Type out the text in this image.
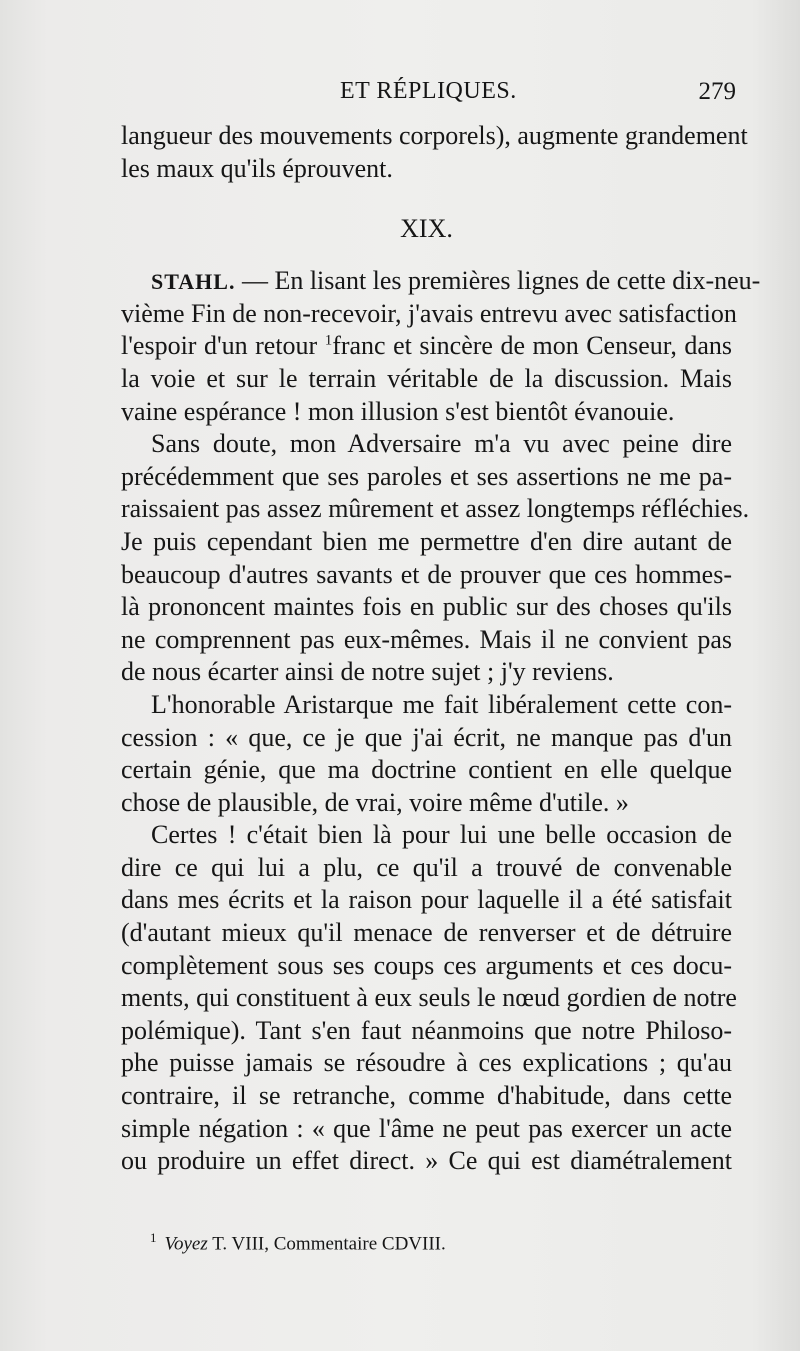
ET RÉPLIQUES.	279
langueur des mouvements corporels), augmente grandement
les maux qu'ils éprouvent.
XIX.
STAHL. — En lisant les premières lignes de cette dix-neu-
vième Fin de non-recevoir, j'avais entrevu avec satisfaction
l'espoir d'un retour $^1$franc et sincère de mon Censeur, dans
la voie et sur le terrain véritable de la discussion. Mais
vaine espérance ! mon illusion s'est bientôt évanouie.
Sans doute, mon Adversaire m'a vu avec peine dire
précédemment que ses paroles et ses assertions ne me pa-
raissaient pas assez mûrement et assez longtemps réfléchies.
Je puis cependant bien me permettre d'en dire autant de
beaucoup d'autres savants et de prouver que ces hommes-
là prononcent maintes fois en public sur des choses qu'ils
ne comprennent pas eux-mêmes. Mais il ne convient pas
de nous écarter ainsi de notre sujet ; j'y reviens.
L'honorable Aristarque me fait libéralement cette con-
cession : « que, ce je que j'ai écrit, ne manque pas d'un
certain génie, que ma doctrine contient en elle quelque
chose de plausible, de vrai, voire même d'utile. »
Certes ! c'était bien là pour lui une belle occasion de
dire ce qui lui a plu, ce qu'il a trouvé de convenable
dans mes écrits et la raison pour laquelle il a été satisfait
(d'autant mieux qu'il menace de renverser et de détruire
complètement sous ses coups ces arguments et ces docu-
ments, qui constituent à eux seuls le nœud gordien de notre
polémique). Tant s'en faut néanmoins que notre Philoso-
phe puisse jamais se résoudre à ces explications ; qu'au
contraire, il se retranche, comme d'habitude, dans cette
simple négation : « que l'âme ne peut pas exercer un acte
ou produire un effet direct. » Ce qui est diamétralement
$^1$ Voyez T. VIII, Commentaire CDVIII.
